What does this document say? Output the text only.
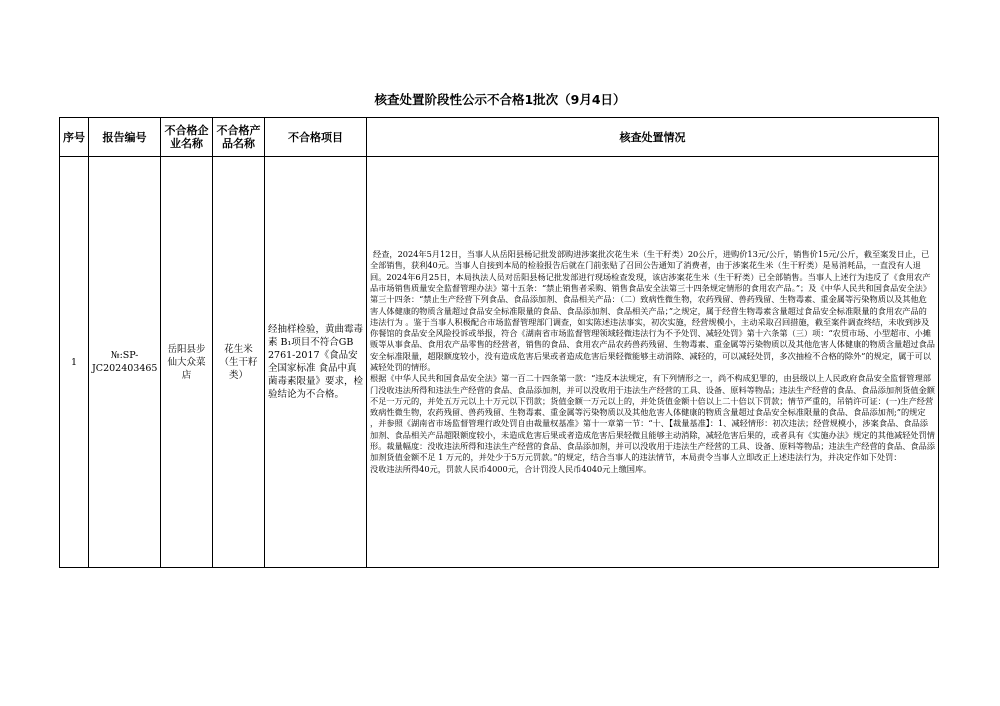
核查处置阶段性公示不合格1批次（9月4日）
序号	报告编号	不合格企业名称	不合格产品名称	不合格项目	核查处置情况
1	№:SP-JC202403465	岳阳县步仙大众菜店	花生米（生干籽类）	经抽样检验，黄曲霉毒素 B₁项目不符合GB 2761-2017《食品安全国家标准 食品中真菌毒素限量》要求，检验结论为不合格。	经查，2024年5月12日，当事人从岳阳县杨记批发部购进涉案批次花生米（生干籽类）20公斤，进购价13元/公斤，销售价15元/公斤，截至案发日止，已全部销售，获利40元。当事人自接到本局的检验报告后就在门前张贴了召回公告通知了消费者，由于涉案花生米（生干籽类）是易消耗品，一直没有人退回。2024年6月25日，本局执法人员对岳阳县杨记批发部进行现场检查发现，该店涉案花生米（生干籽类）已全部销售。当事人上述行为违反了《食用农产品市场销售质量安全监督管理办法》第十五条：“禁止销售者采购、销售食品安全法第三十四条规定情形的食用农产品。”；及《中华人民共和国食品安全法》第三十四条：“禁止生产经营下列食品、食品添加剂、食品相关产品：（二）致病性微生物，农药残留、兽药残留、生物毒素、重金属等污染物质以及其他危害人体健康的物质含量超过食品安全标准限量的食品、食品添加剂、食品相关产品；”之规定，属于经营生物毒素含量超过食品安全标准限量的食用农产品的违法行为 。鉴于当事人积极配合市场监督管理部门调查，如实陈述违法事实，初次实施，经营规模小，主动采取召回措施，截至案件调查终结，未收到涉及你餐馆的食品安全风险投诉或举报，符合《湖南省市场监督管理领域轻微违法行为不予处罚、减轻处罚》第十六条第（三）项：“农贸市场、小型超市、小摊贩等从事食品、食用农产品零售的经营者，销售的食品、食用农产品农药兽药残留、生物毒素、重金属等污染物质以及其他危害人体健康的物质含量超过食品安全标准限量，超限额度较小，没有造成危害后果或者造成危害后果轻微能够主动消除、减轻的，可以减轻处罚，多次抽检不合格的除外”的规定，属于可以减轻处罚的情形。

根据《中华人民共和国食品安全法》第一百二十四条第一款：“违反本法规定，有下列情形之一，尚不构成犯罪的，由县级以上人民政府食品安全监督管理部门没收违法所得和违法生产经营的食品、食品添加剂，并可以没收用于违法生产经营的工具、设备、原料等物品；违法生产经营的食品、食品添加剂货值金额不足一万元的，并处五万元以上十万元以下罚款；货值金额一万元以上的，并处货值金额十倍以上二十倍以下罚款；情节严重的，吊销许可证：(一)生产经营致病性微生物，农药残留、兽药残留、生物毒素、重金属等污染物质以及其他危害人体健康的物质含量超过食品安全标准限量的食品、食品添加剂;”的规定 ，并参照《湖南省市场监督管理行政处罚自由裁量权基准》第十一章第一节：“十、【裁量基准】：1、减轻情形：初次违法；经营规模小，涉案食品、食品添加剂、食品相关产品超限额度较小，未造成危害后果或者造成危害后果轻微且能够主动消除，减轻危害后果的，或者具有《实施办法》规定的其他减轻处罚情形。裁量幅度：没收违法所得和违法生产经营的食品、食品添加剂，并可以没收用于违法生产经营的工具、设备、原料等物品；违法生产经营的食品、食品添加剂货值金额不足 1 万元的，并处少于5万元罚款。”的规定，结合当事人的违法情节，本局责令当事人立即改正上述违法行为，并决定作如下处罚：

没收违法所得40元，罚款人民币4000元，合计罚没人民币4040元上缴国库。
